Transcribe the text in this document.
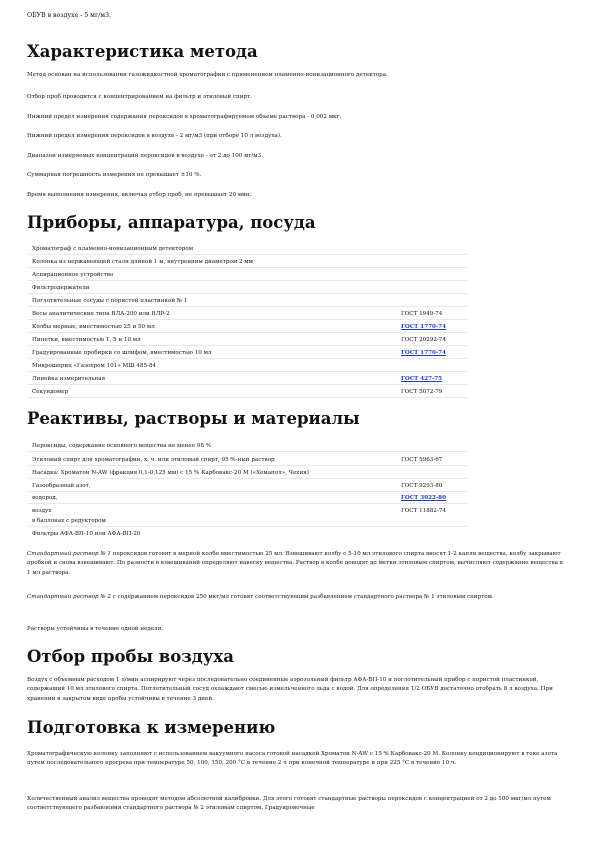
ОБУВ в воздухе - 5 мг/м3.
Характеристика метода

Метод основан на использовании газожидкостной хроматографии с применением пламенно-ионизационного детектора.

Отбор проб проводится с концентрированием на фильтр и этиловый спирт.

Нижний предел измерения содержания пероксидов в хроматографируемом объеме раствора - 0,002 мкг.

Нижний предел измерения пероксидов в воздухе - 2 мг/м3 (при отборе 10 л воздуха).

Диапазон измеряемых концентраций пероксидов в воздухе - от 2 до 100 мг/м3.

Суммарная погрешность измерения не превышает ±10 %.

Время выполнения измерения, включая отбор проб, не превышает 20 мин.

Приборы, аппаратура, посуда
Хроматограф с пламенно-ионизационным детектором
Колонка из нержавеющей стали длиной 1 м, внутренним диаметром 2 мм
Аспирационное устройство
Фильтродержатели
Поглотительные сосуды с пористой пластинкой № 1
Весы аналитические типа ВЛА-200 или ВЛР-2	ГОСТ 1949-74
Колбы мерные, вместимостью 25 и 50 мл	ГОСТ 1770-74
Пипетки, вместимостью 1, 5 и 10 мл	ГОСТ 20292-74
Градуированные пробирки со шлифом, вместимостью 10 мл	ГОСТ 1770-74
Микрошприц «Газохром 101» МШ 485-84
Линейка измерительная	ГОСТ 427-75
Секундомер	ГОСТ 5072-79
Реактивы, растворы и материалы
Пероксиды, содержание основного вещества не менее 98 %
Этиловый спирт для хроматографии, х. ч. или этиловый спирт, 95 %-ный раствор	ГОСТ 5963-67
Насадка: Хроматон N-AW (фракция 0,1-0,125 мм) с 15 % Карбовакс-20 М («Хемапол», Чехия)
Газообразный азот,	ГОСТ 9293-80
водород,	ГОСТ 3022-80
воздух	ГОСТ 11882-74
в баллонах с редуктором
Фильтры АФА-ВП-10 или АФА-ВП-20

Стандартный раствор № 1 пероксидов готовят в мерной колбе вместимостью 25 мл. Взвешивают колбу с 5-10 мл этилового спирта вносят 1-2 капли вещества, колбу закрывают пробкой и снова взвешивают. По разности в взвешиваний определяют навеску вещества. Раствор в колбе доводят до метки этиловым спиртом, вычисляют содержание вещества в 1 мл раствора.

Стандартный раствор № 2 с содержанием пероксидов 250 мкг/мл готовят соответствующим разбавлением стандартного раствора № 1 этиловым спиртом.

Растворы устойчивы в течение одной недели.

Отбор пробы воздуха

Воздух с объемным расходом 1 л/мин аспирируют через последовательно соединенные аэрозольный фильтр АФА-ВП-10 и поглотительный прибор с пористой пластинкой, содержащий 10 мл этилового спирта. Поглотительный сосуд охлаждают смесью измельченного льда с водой. Для определения 1/2 ОБУВ достаточно отобрать 8 л воздуха. При хранении в закрытом виде пробы устойчивы в течение 3 дней.

Подготовка к измерению

Хроматографическую колонку заполняют с использованием вакуумного насоса готовой насадкой Хроматон N-AW с 15 % Карбовакс-20 М. Колонку кондиционируют в токе азота путем последовательного прогрева при температуре 50, 100, 150, 200 °С в течение 2 ч при конечной температуре и при 225 °С в течение 10 ч.

Количественный анализ вещества проводят методом абсолютной калибровки. Для этого готовят стандартные растворы пероксидов с концентрацией от 2 до 100 мкг/мл путем соответствующего разбавления стандартного раствора № 2 этиловым спиртом. Градуировочные
